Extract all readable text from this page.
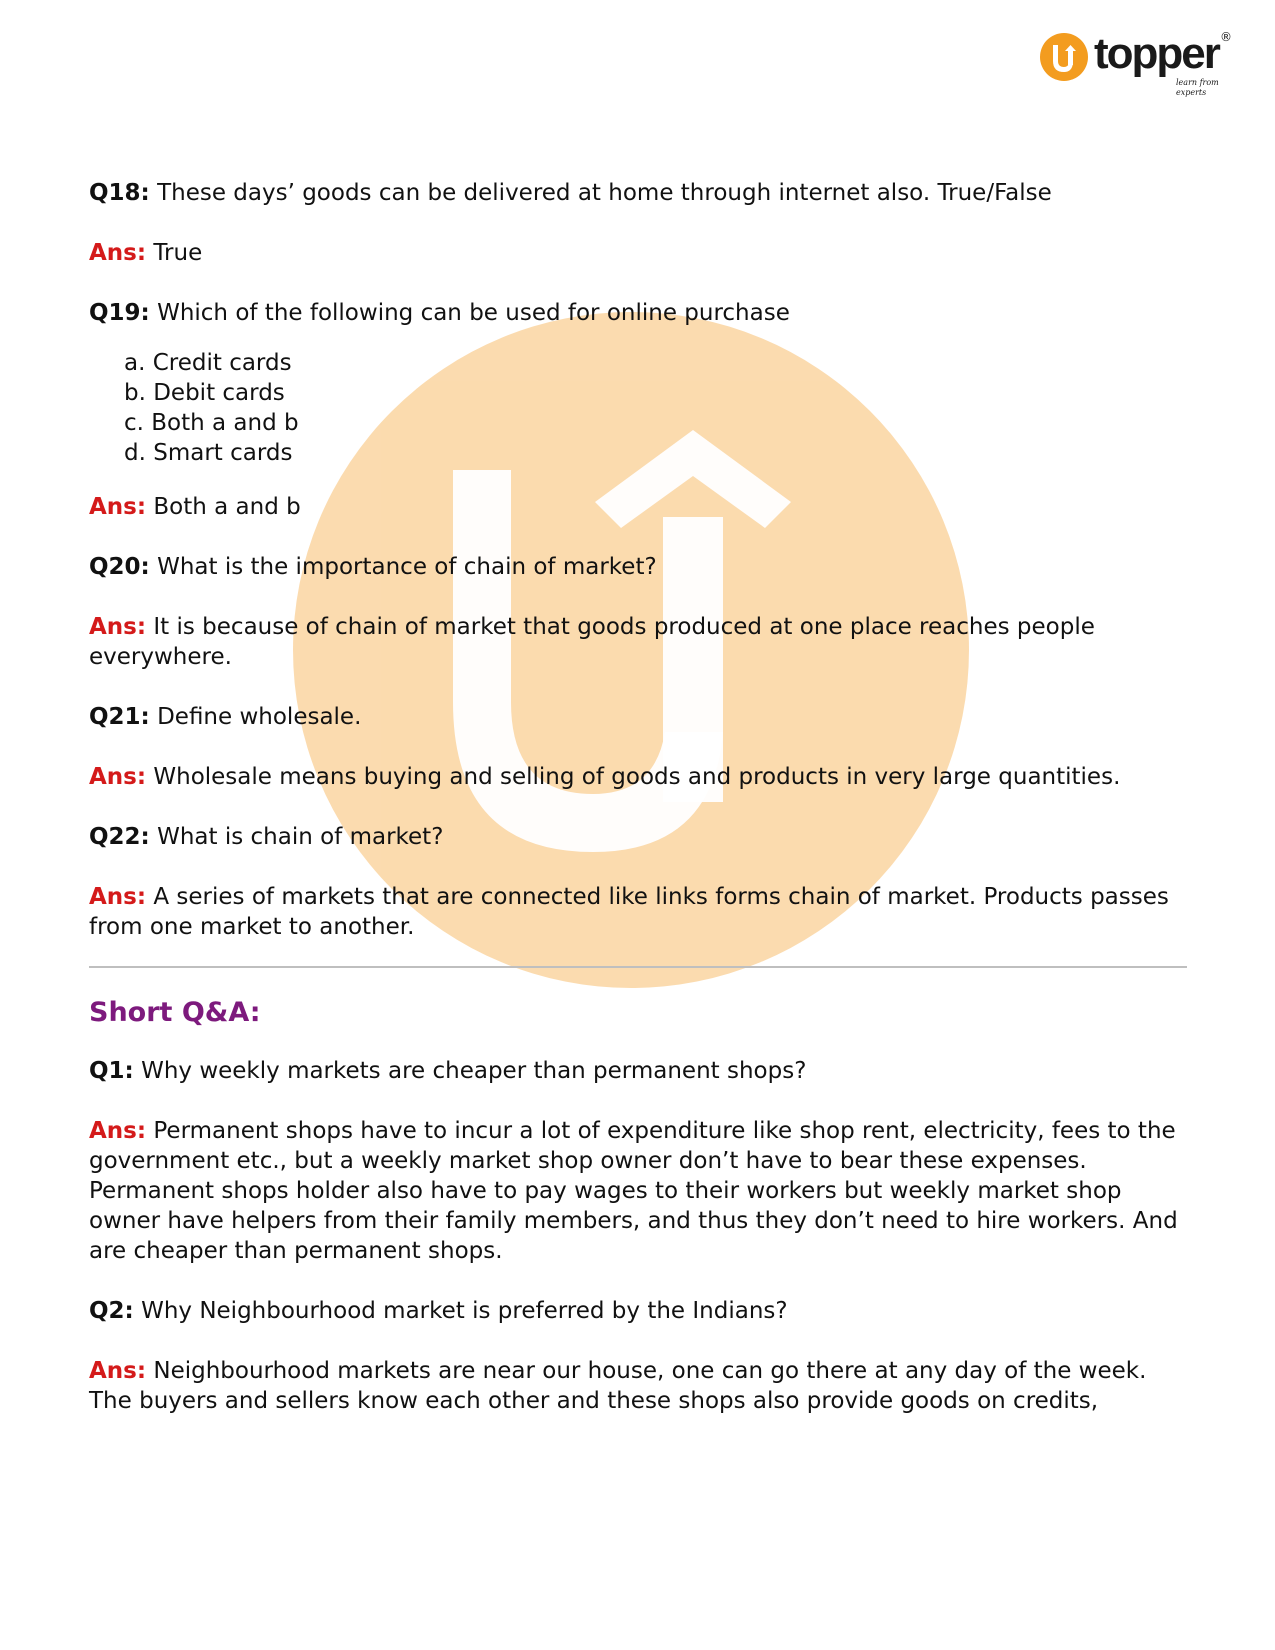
topper ®
learn from experts

Q18: These days’ goods can be delivered at home through internet also. True/False

Ans: True

Q19: Which of the following can be used for online purchase

a. Credit cards
b. Debit cards
c. Both a and b
d. Smart cards

Ans: Both a and b

Q20: What is the importance of chain of market?

Ans: It is because of chain of market that goods produced at one place reaches people everywhere.

Q21: Define wholesale.

Ans: Wholesale means buying and selling of goods and products in very large quantities.

Q22: What is chain of market?

Ans: A series of markets that are connected like links forms chain of market. Products passes from one market to another.

Short Q&A:

Q1: Why weekly markets are cheaper than permanent shops?

Ans: Permanent shops have to incur a lot of expenditure like shop rent, electricity, fees to the government etc., but a weekly market shop owner don’t have to bear these expenses. Permanent shops holder also have to pay wages to their workers but weekly market shop owner have helpers from their family members, and thus they don’t need to hire workers. And are cheaper than permanent shops.

Q2: Why Neighbourhood market is preferred by the Indians?

Ans: Neighbourhood markets are near our house, one can go there at any day of the week. The buyers and sellers know each other and these shops also provide goods on credits,
